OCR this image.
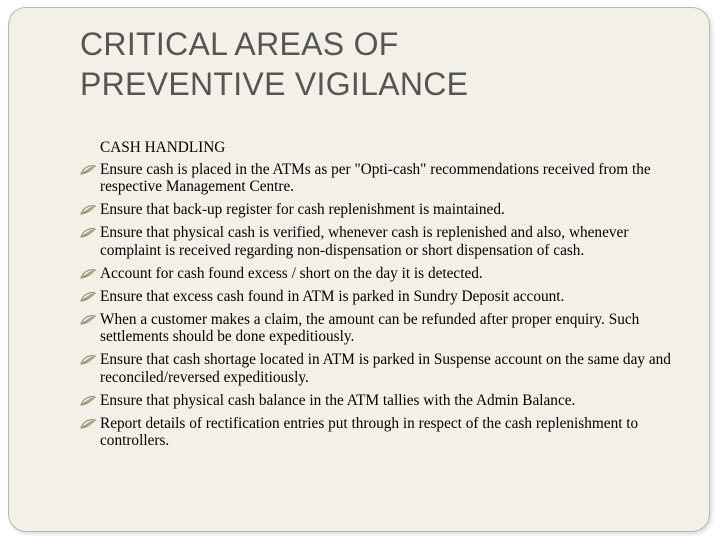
CRITICAL AREAS OF
PREVENTIVE VIGILANCE
CASH HANDLING
Ensure cash is placed in the ATMs as per "Opti-cash" recommendations received from the respective Management Centre.
Ensure that back-up register for cash replenishment is maintained.
Ensure that physical cash is verified, whenever cash is replenished and also, whenever complaint is received regarding non-dispensation or short dispensation of cash.
Account for cash found excess / short on the day it is detected.
Ensure that excess cash found in ATM is parked in Sundry Deposit account.
When a customer makes a claim, the amount can be refunded after proper enquiry. Such settlements should be done expeditiously.
Ensure that cash shortage located in ATM is parked in Suspense account on the same day and reconciled/reversed expeditiously.
Ensure that physical cash balance in the ATM tallies with the Admin Balance.
Report details of rectification entries put through in respect of the cash replenishment to controllers.
